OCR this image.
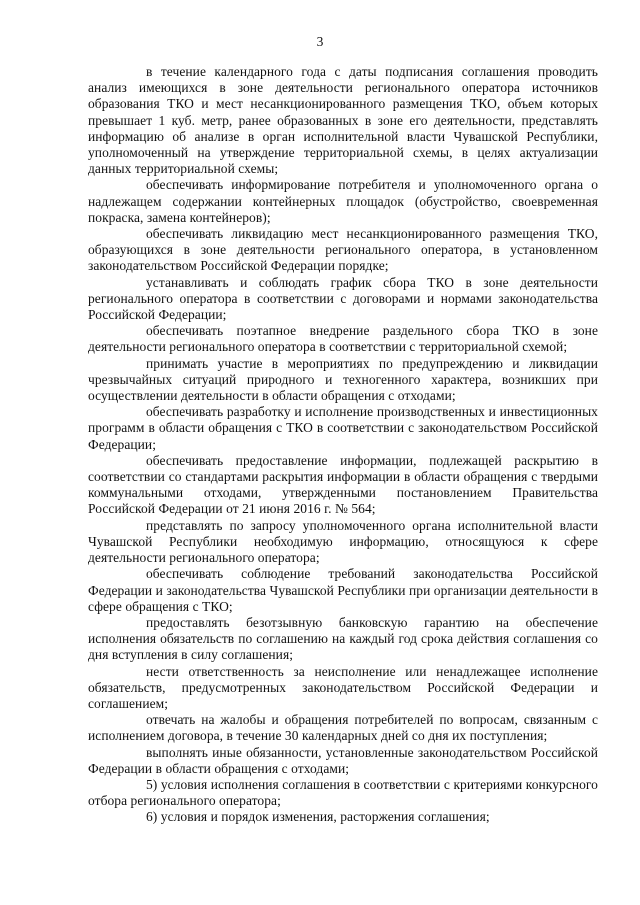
3

в течение календарного года с даты подписания соглашения проводить анализ имеющихся в зоне деятельности регионального оператора источников образования ТКО и мест несанкционированного размещения ТКО, объем которых превышает 1 куб. метр, ранее образованных в зоне его деятельности, представлять информацию об анализе в орган исполнительной власти Чувашской Республики, уполномоченный на утверждение территориальной схемы, в целях актуализации данных территориальной схемы;

обеспечивать информирование потребителя и уполномоченного органа о надлежащем содержании контейнерных площадок (обустройство, своевременная покраска, замена контейнеров);

обеспечивать ликвидацию мест несанкционированного размещения ТКО, образующихся в зоне деятельности регионального оператора, в установленном законодательством Российской Федерации порядке;

устанавливать и соблюдать график сбора ТКО в зоне деятельности регионального оператора в соответствии с договорами и нормами законодательства Российской Федерации;

обеспечивать поэтапное внедрение раздельного сбора ТКО в зоне деятельности регионального оператора в соответствии с территориальной схемой;

принимать участие в мероприятиях по предупреждению и ликвидации чрезвычайных ситуаций природного и техногенного характера, возникших при осуществлении деятельности в области обращения с отходами;

обеспечивать разработку и исполнение производственных и инвестиционных программ в области обращения с ТКО в соответствии с законодательством Российской Федерации;

обеспечивать предоставление информации, подлежащей раскрытию в соответствии со стандартами раскрытия информации в области обращения с твердыми коммунальными отходами, утвержденными постановлением Правительства Российской Федерации от 21 июня 2016 г. № 564;

представлять по запросу уполномоченного органа исполнительной власти Чувашской Республики необходимую информацию, относящуюся к сфере деятельности регионального оператора;

обеспечивать соблюдение требований законодательства Российской Федерации и законодательства Чувашской Республики при организации деятельности в сфере обращения с ТКО;

предоставлять безотзывную банковскую гарантию на обеспечение исполнения обязательств по соглашению на каждый год срока действия соглашения со дня вступления в силу соглашения;

нести ответственность за неисполнение или ненадлежащее исполнение обязательств, предусмотренных законодательством Российской Федерации и соглашением;

отвечать на жалобы и обращения потребителей по вопросам, связанным с исполнением договора, в течение 30 календарных дней со дня их поступления;

выполнять иные обязанности, установленные законодательством Российской Федерации в области обращения с отходами;

5) условия исполнения соглашения в соответствии с критериями конкурсного отбора регионального оператора;

6) условия и порядок изменения, расторжения соглашения;
